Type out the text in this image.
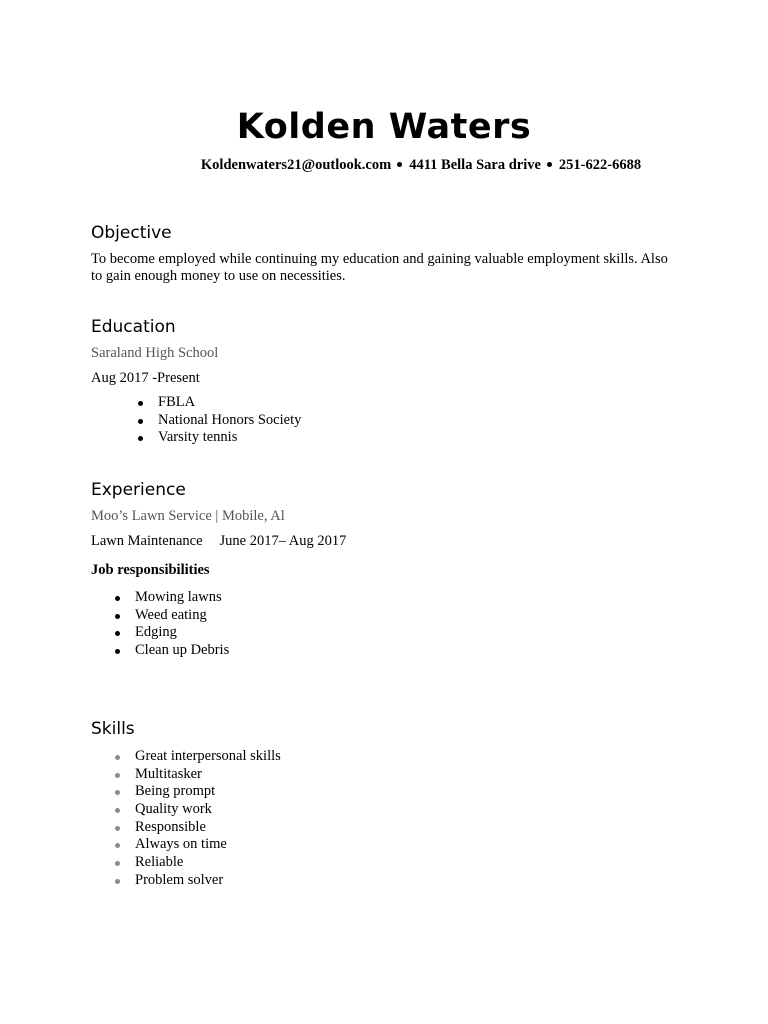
Kolden Waters
Koldenwaters21@outlook.com 4411 Bella Sara drive 251-622-6688
Objective
To become employed while continuing my education and gaining valuable employment skills. Also to gain enough money to use on necessities.
Education
Saraland High School
Aug 2017 -Present
FBLA
National Honors Society
Varsity tennis
Experience
Moo’s Lawn Service | Mobile, Al
Lawn Maintenance June 2017– Aug 2017
Job responsibilities
Mowing lawns
Weed eating
Edging
Clean up Debris
Skills
Great interpersonal skills
Multitasker
Being prompt
Quality work
Responsible
Always on time
Reliable
Problem solver
